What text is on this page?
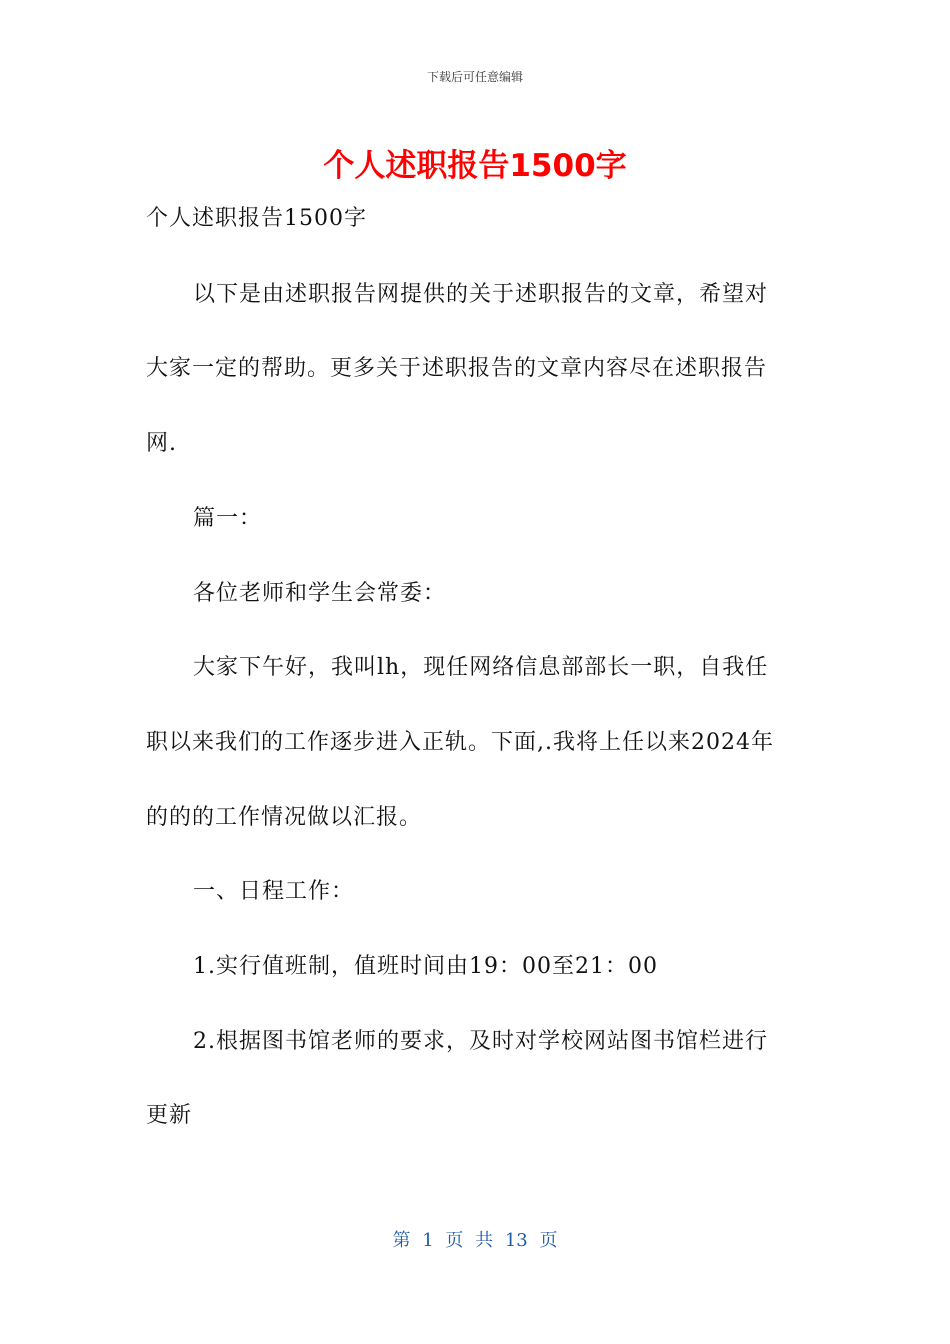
下载后可任意编辑
个人述职报告1500字
个人述职报告1500字
以下是由述职报告网提供的关于述职报告的文章，希望对
大家一定的帮助。更多关于述职报告的文章内容尽在述职报告
网.
篇一：
各位老师和学生会常委：
大家下午好，我叫lh，现任网络信息部部长一职，自我任
职以来我们的工作逐步进入正轨。下面,.我将上任以来2024年
的的的工作情况做以汇报。
一、日程工作：
1.实行值班制，值班时间由19：00至21：00
2.根据图书馆老师的要求，及时对学校网站图书馆栏进行
更新
第 1 页 共 13 页
